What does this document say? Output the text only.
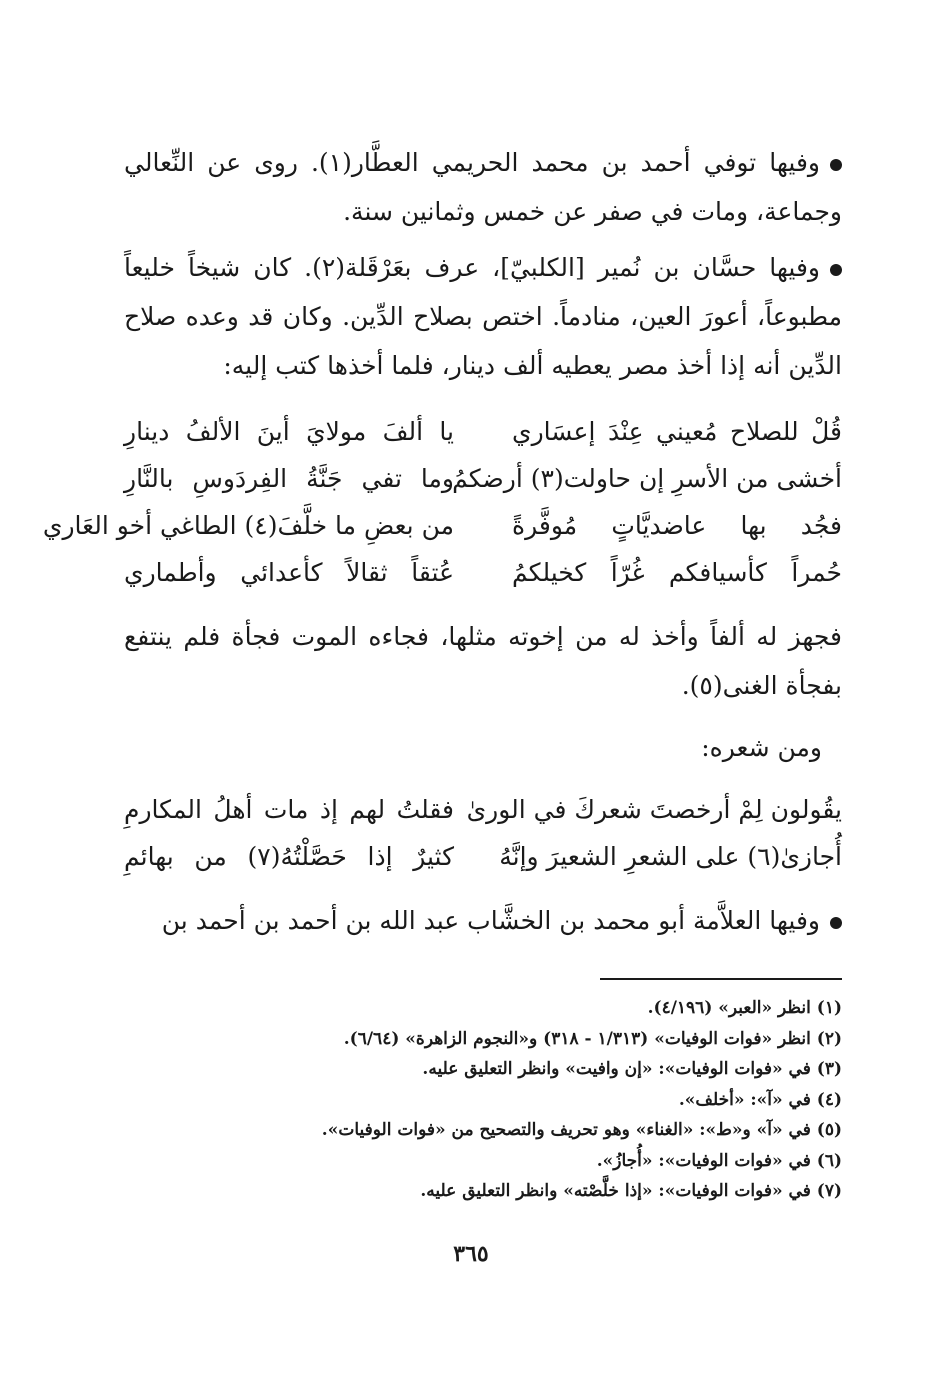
وفيها توفي أحمد بن محمد الحريمي العطَّار(١). روى عن النِّعالي وجماعة، ومات في صفر عن خمس وثمانين سنة.
وفيها حسَّان بن نُمير [الكلبيّ]، عرف بعَرْقَلة(٢). كان شيخاً خليعاً مطبوعاً، أعورَ العين، منادماً. اختص بصلاح الدِّين. وكان قد وعده صلاح الدِّين أنه إذا أخذ مصر يعطيه ألف دينار، فلما أخذها كتب إليه:
قُلْ للصلاح مُعيني عِنْدَ إعسَاري
يا ألفَ مولايَ أينَ الألفُ دينارِ
أخشى من الأسرِ إن حاولت(٣) أرضكمُ
وما تفي جَنَّةُ الفِردَوسِ بالنَّارِ
فجُد بها عاضديَّاتٍ مُوفَّرةً
من بعضِ ما خلَّفَ(٤) الطاغي أخو العَاري
حُمراً كأسيافكم غُرّاً كخيلكمُ
عُتقاً ثقالاً كأعدائي وأطماري
فجهز له ألفاً وأخذ له من إخوته مثلها، فجاءه الموت فجأة فلم ينتفع بفجأة الغنى(٥).
ومن شعره:
يقُولون لِمْ أرخصتَ شعركَ في الورىٰ
فقلتُ لهم إذ مات أهلُ المكارمِ
أُجازىٰ(٦) على الشعرِ الشعيرَ وإنَّهُ
كثيرٌ إذا حَصَّلْتُهُ(٧) من بهائمِ
وفيها العلاَّمة أبو محمد بن الخشَّاب عبد الله بن أحمد بن أحمد بن
(١) انظر «العبر» (٤/١٩٦).
(٢) انظر «فوات الوفيات» (١/٣١٣ - ٣١٨) و«النجوم الزاهرة» (٦/٦٤).
(٣) في «فوات الوفيات»: «إن وافيت» وانظر التعليق عليه.
(٤) في «آ»: «أخلف».
(٥) في «آ» و«ط»: «الغناء» وهو تحريف والتصحيح من «فوات الوفيات».
(٦) في «فوات الوفيات»: «أُجازُ».
(٧) في «فوات الوفيات»: «إذا خلَّصْته» وانظر التعليق عليه.
٣٦٥
